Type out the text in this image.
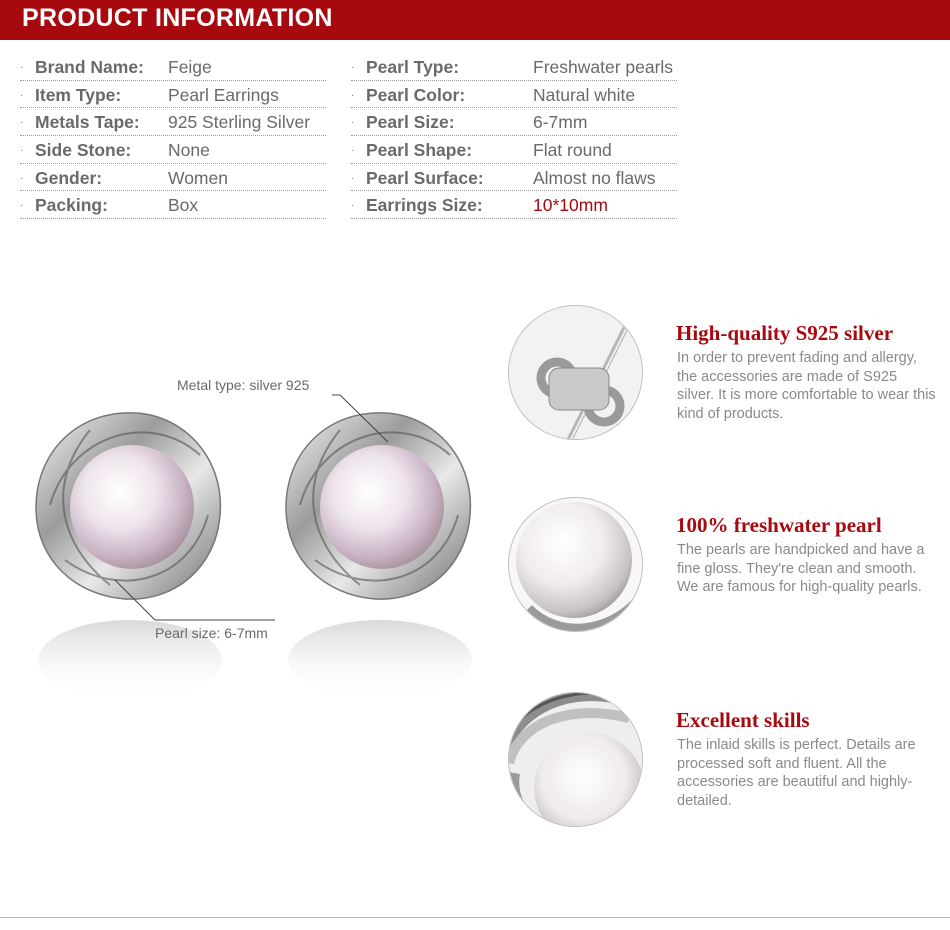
PRODUCT INFORMATION
· Brand Name: Feige
· Item Type:	Pearl Earrings
· Metals Tape: 925 Sterling Silver
· Side Stone: None
· Gender:	Women
· Packing:	Box
· Pearl Type:	Freshwater pearls
· Pearl Color:	Natural white
· Pearl Size:	6-7mm
· Pearl Shape:	Flat round
· Pearl Surface:	Almost no flaws
· Earrings Size:	10*10mm
Metal type: silver 925
Pearl size: 6-7mm
High-quality S925 silver
In order to prevent fading and allergy, the accessories are made of S925 silver. It is more comfortable to wear this kind of products.
100% freshwater pearl
The pearls are handpicked and have a fine gloss. They're clean and smooth. We are famous for high-quality pearls.
Excellent skills
The inlaid skills is perfect. Details are processed soft and fluent. All the accessories are beautiful and highly-detailed.
